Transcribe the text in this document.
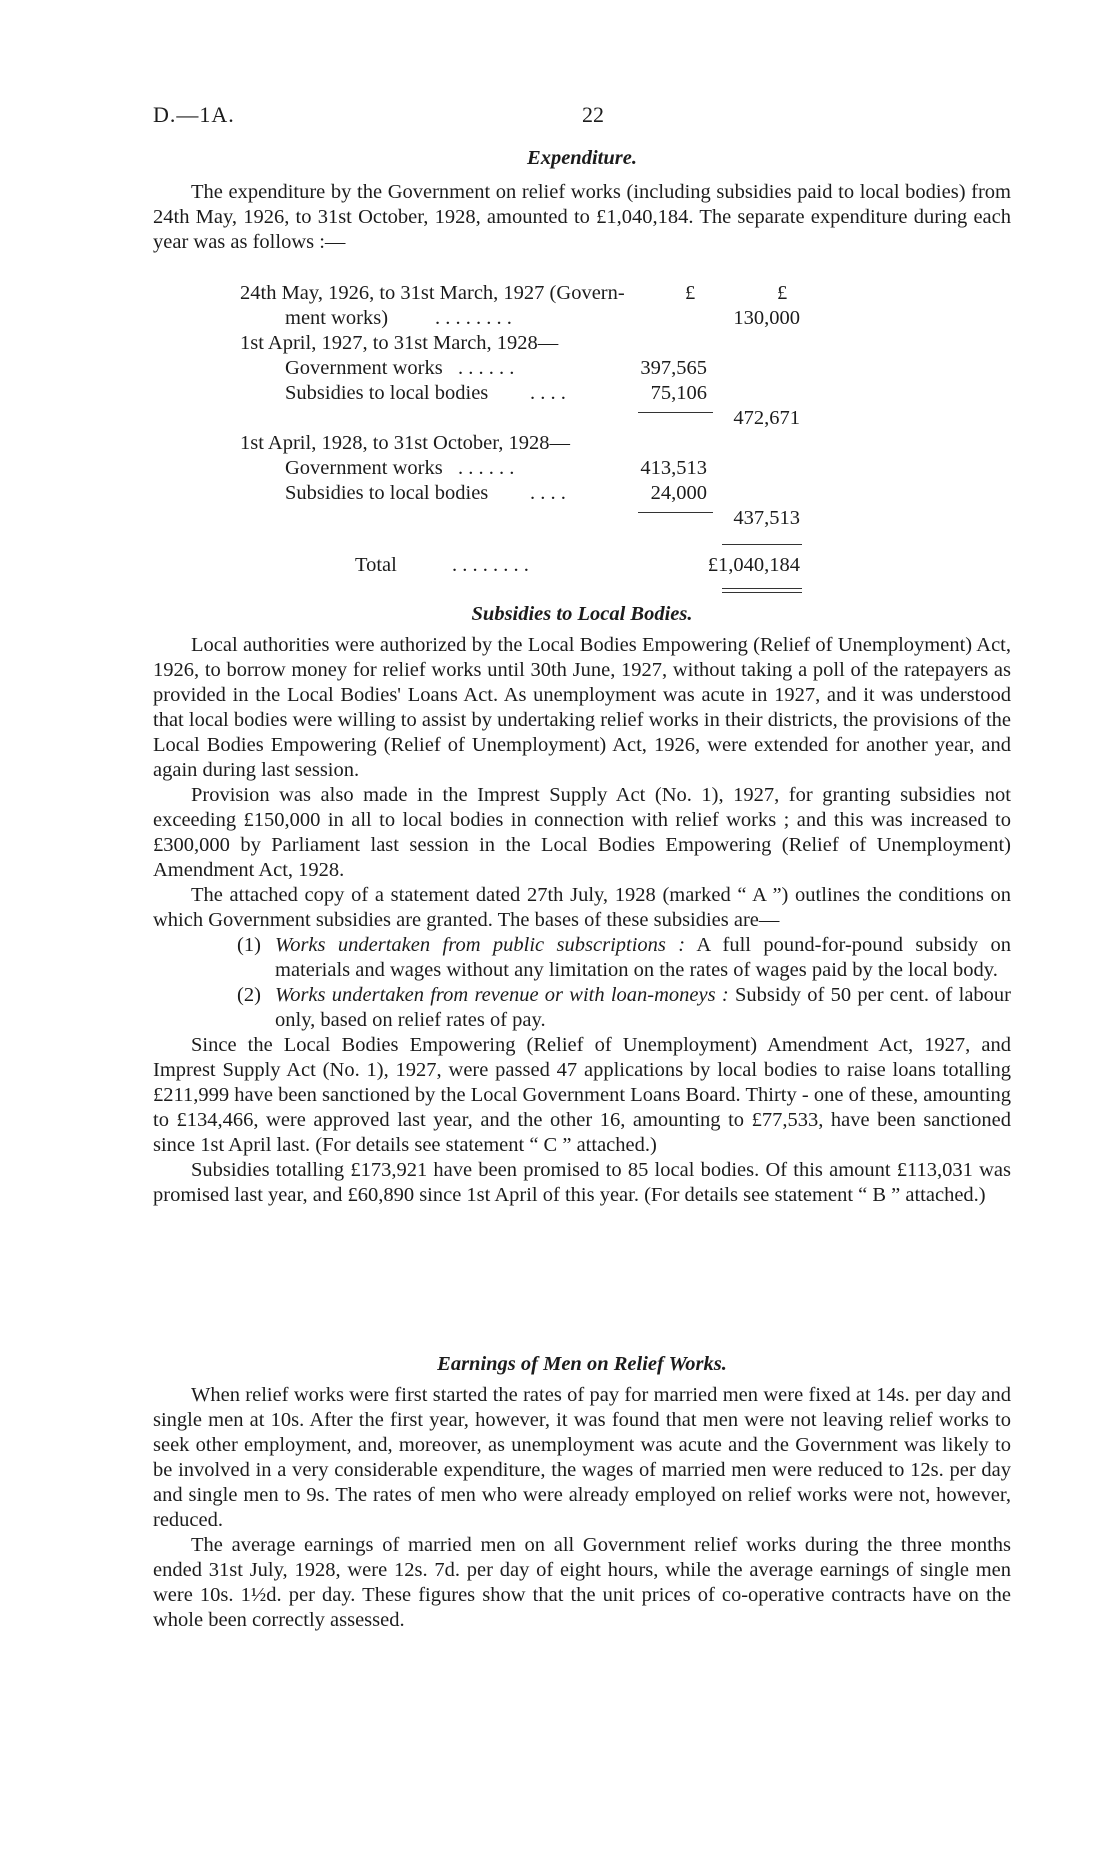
D.—1A.	22
Expenditure.

The expenditure by the Government on relief works (including subsidies paid to local bodies) from 24th May, 1926, to 31st October, 1928, amounted to £1,040,184. The separate expenditure during each year was as follows :—

£	£
24th May, 1926, to 31st March, 1927 (Govern-
ment works) . . . . . . . .	130,000
1st April, 1927, to 31st March, 1928—
Government works . . . . . .	397,565
Subsidies to local bodies . . . .	75,106
472,671
1st April, 1928, to 31st October, 1928—
Government works . . . . . .	413,513
Subsidies to local bodies . . . .	24,000
437,513
Total	. . . . . . . .	£1,040,184
Subsidies to Local Bodies.

Local authorities were authorized by the Local Bodies Empowering (Relief of Unemployment) Act, 1926, to borrow money for relief works until 30th June, 1927, without taking a poll of the ratepayers as provided in the Local Bodies' Loans Act. As unemployment was acute in 1927, and it was understood that local bodies were willing to assist by undertaking relief works in their districts, the provisions of the Local Bodies Empowering (Relief of Unemployment) Act, 1926, were extended for another year, and again during last session.

Provision was also made in the Imprest Supply Act (No. 1), 1927, for granting subsidies not exceeding £150,000 in all to local bodies in connection with relief works ; and this was increased to £300,000 by Parliament last session in the Local Bodies Empowering (Relief of Unemployment) Amendment Act, 1928.

The attached copy of a statement dated 27th July, 1928 (marked “ A ”) outlines the conditions on which Government subsidies are granted. The bases of these subsidies are—

(1) Works undertaken from public subscriptions : A full pound-for-pound subsidy on materials and wages without any limitation on the rates of wages paid by the local body.
(2) Works undertaken from revenue or with loan-moneys : Subsidy of 50 per cent. of labour only, based on relief rates of pay.

Since the Local Bodies Empowering (Relief of Unemployment) Amendment Act, 1927, and Imprest Supply Act (No. 1), 1927, were passed 47 applications by local bodies to raise loans totalling £211,999 have been sanctioned by the Local Government Loans Board. Thirty - one of these, amounting to £134,466, were approved last year, and the other 16, amounting to £77,533, have been sanctioned since 1st April last. (For details see statement “ C ” attached.)

Subsidies totalling £173,921 have been promised to 85 local bodies. Of this amount £113,031 was promised last year, and £60,890 since 1st April of this year. (For details see statement “ B ” attached.)

Earnings of Men on Relief Works.

When relief works were first started the rates of pay for married men were fixed at 14s. per day and single men at 10s. After the first year, however, it was found that men were not leaving relief works to seek other employment, and, moreover, as unemployment was acute and the Government was likely to be involved in a very considerable expenditure, the wages of married men were reduced to 12s. per day and single men to 9s. The rates of men who were already employed on relief works were not, however, reduced.

The average earnings of married men on all Government relief works during the three months ended 31st July, 1928, were 12s. 7d. per day of eight hours, while the average earnings of single men were 10s. 1½d. per day. These figures show that the unit prices of co-operative contracts have on the whole been correctly assessed.
